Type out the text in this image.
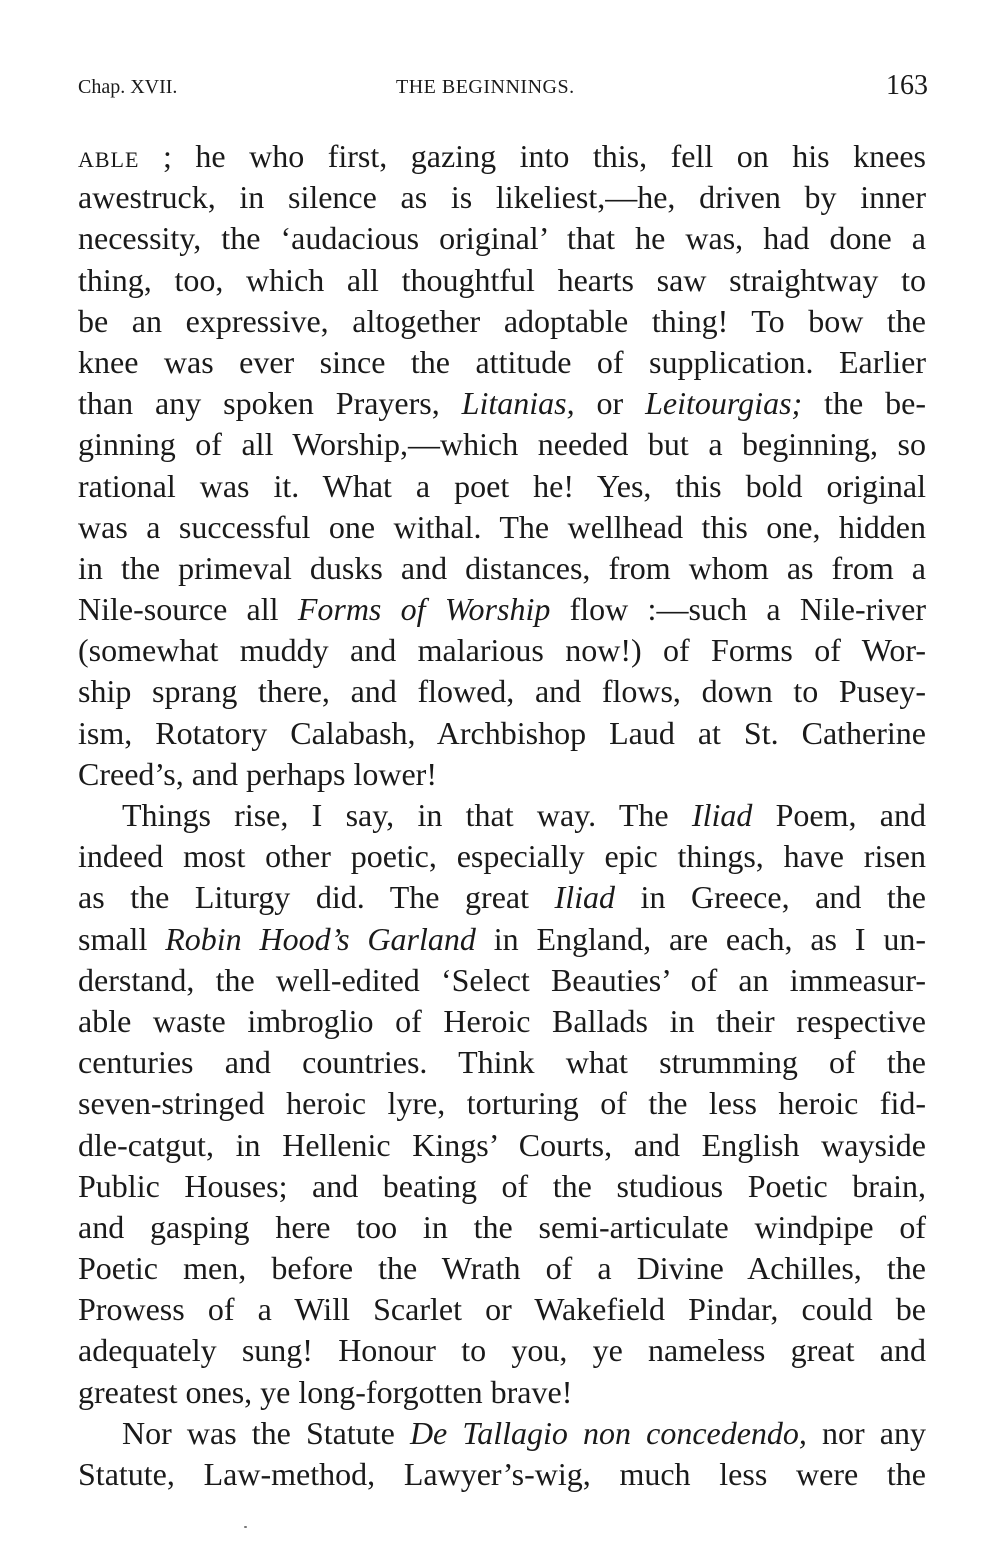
Chap. XVII.	THE BEGINNINGS.	163
ABLE ; he who first, gazing into this, fell on his knees
awestruck, in silence as is likeliest,—he, driven by inner
necessity, the ‘audacious original’ that he was, had done a
thing, too, which all thoughtful hearts saw straightway to
be an expressive, altogether adoptable thing! To bow the
knee was ever since the attitude of supplication. Earlier
than any spoken Prayers, Litanias, or Leitourgias; the be-
ginning of all Worship,—which needed but a beginning, so
rational was it. What a poet he! Yes, this bold original
was a successful one withal. The wellhead this one, hidden
in the primeval dusks and distances, from whom as from a
Nile-source all Forms of Worship flow :—such a Nile-river
(somewhat muddy and malarious now!) of Forms of Wor-
ship sprang there, and flowed, and flows, down to Pusey-
ism, Rotatory Calabash, Archbishop Laud at St. Catherine
Creed’s, and perhaps lower!
Things rise, I say, in that way. The Iliad Poem, and
indeed most other poetic, especially epic things, have risen
as the Liturgy did. The great Iliad in Greece, and the
small Robin Hood’s Garland in England, are each, as I un-
derstand, the well-edited ‘Select Beauties’ of an immeasur-
able waste imbroglio of Heroic Ballads in their respective
centuries and countries. Think what strumming of the
seven-stringed heroic lyre, torturing of the less heroic fid-
dle-catgut, in Hellenic Kings’ Courts, and English wayside
Public Houses; and beating of the studious Poetic brain,
and gasping here too in the semi-articulate windpipe of
Poetic men, before the Wrath of a Divine Achilles, the
Prowess of a Will Scarlet or Wakefield Pindar, could be
adequately sung! Honour to you, ye nameless great and
greatest ones, ye long-forgotten brave!
Nor was the Statute De Tallagio non concedendo, nor any
Statute, Law-method, Lawyer’s-wig, much less were the
